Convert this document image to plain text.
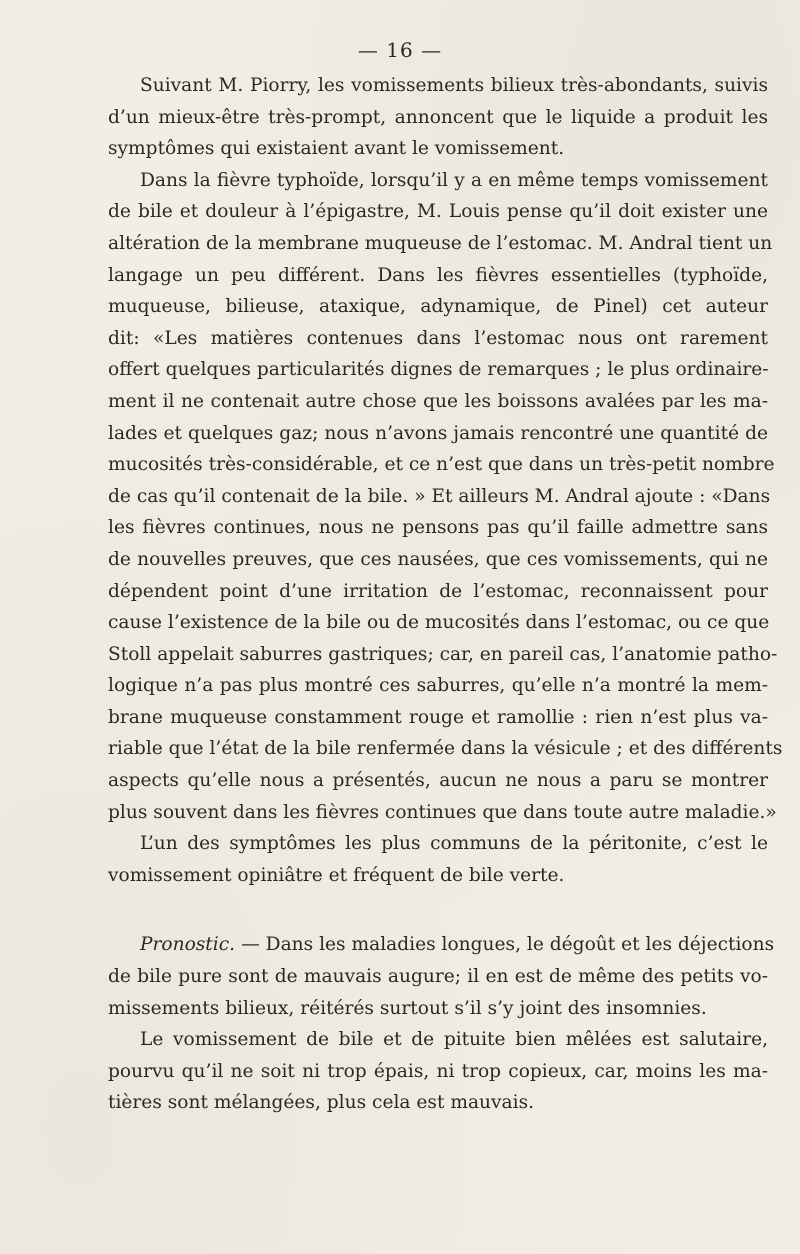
— 16 —
Suivant M. Piorry, les vomissements bilieux très-abondants, suivis
d’un mieux-être très-prompt, annoncent que le liquide a produit les
symptômes qui existaient avant le vomissement.
Dans la fièvre typhoïde, lorsqu’il y a en même temps vomissement
de bile et douleur à l’épigastre, M. Louis pense qu’il doit exister une
altération de la membrane muqueuse de l’estomac. M. Andral tient un
langage un peu différent. Dans les fièvres essentielles (typhoïde,
muqueuse, bilieuse, ataxique, adynamique, de Pinel) cet auteur
dit: «Les matières contenues dans l’estomac nous ont rarement
offert quelques particularités dignes de remarques ; le plus ordinaire-
ment il ne contenait autre chose que les boissons avalées par les ma-
lades et quelques gaz; nous n’avons jamais rencontré une quantité de
mucosités très-considérable, et ce n’est que dans un très-petit nombre
de cas qu’il contenait de la bile. » Et ailleurs M. Andral ajoute : «Dans
les fièvres continues, nous ne pensons pas qu’il faille admettre sans
de nouvelles preuves, que ces nausées, que ces vomissements, qui ne
dépendent point d’une irritation de l’estomac, reconnaissent pour
cause l’existence de la bile ou de mucosités dans l’estomac, ou ce que
Stoll appelait saburres gastriques; car, en pareil cas, l’anatomie patho-
logique n’a pas plus montré ces saburres, qu’elle n’a montré la mem-
brane muqueuse constamment rouge et ramollie : rien n’est plus va-
riable que l’état de la bile renfermée dans la vésicule ; et des différents
aspects qu’elle nous a présentés, aucun ne nous a paru se montrer
plus souvent dans les fièvres continues que dans toute autre maladie.»
L’un des symptômes les plus communs de la péritonite, c’est le
vomissement opiniâtre et fréquent de bile verte.
Pronostic. — Dans les maladies longues, le dégoût et les déjections
de bile pure sont de mauvais augure; il en est de même des petits vo-
missements bilieux, réitérés surtout s’il s’y joint des insomnies.
Le vomissement de bile et de pituite bien mêlées est salutaire,
pourvu qu’il ne soit ni trop épais, ni trop copieux, car, moins les ma-
tières sont mélangées, plus cela est mauvais.
